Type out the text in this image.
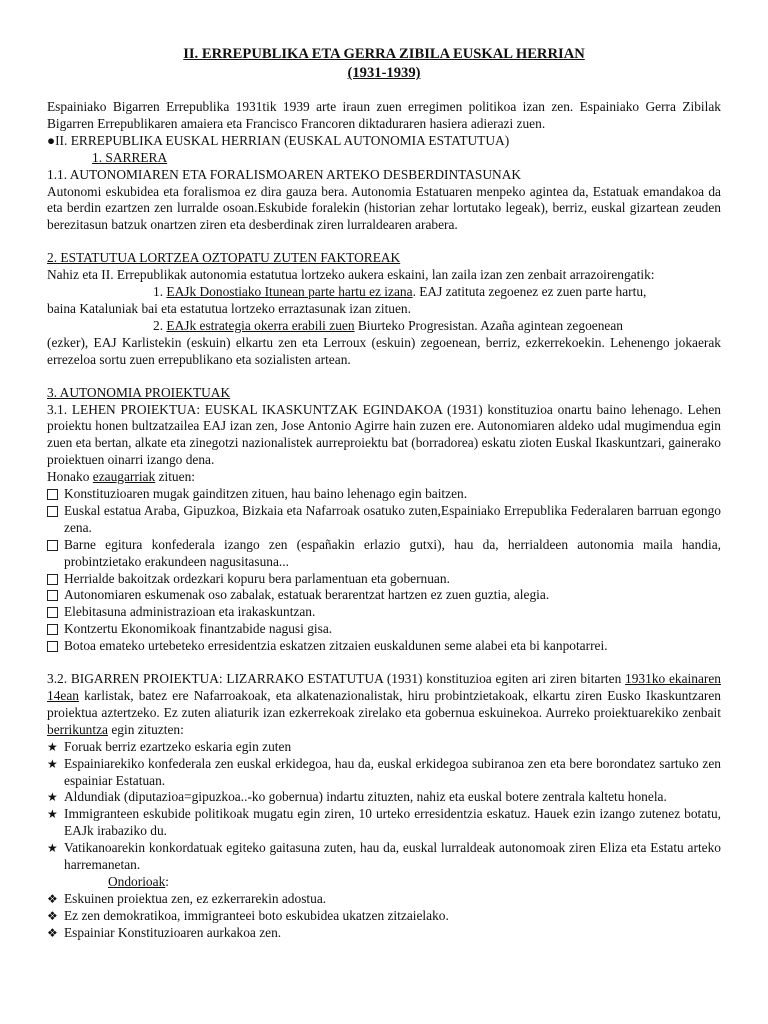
II. ERREPUBLIKA ETA GERRA ZIBILA EUSKAL HERRIAN
(1931-1939)
Espainiako Bigarren Errepublika 1931tik 1939 arte iraun zuen erregimen politikoa izan zen. Espainiako Gerra Zibilak Bigarren Errepublikaren amaiera eta Francisco Francoren diktaduraren hasiera adierazi zuen.
●II. ERREPUBLIKA EUSKAL HERRIAN (EUSKAL AUTONOMIA ESTATUTUA)
1. SARRERA
1.1. AUTONOMIAREN ETA FORALISMOAREN ARTEKO DESBERDINTASUNAK
Autonomi eskubidea eta foralismoa ez dira gauza bera. Autonomia Estatuaren menpeko agintea da, Estatuak emandakoa da eta berdin ezartzen zen lurralde osoan.Eskubide foralekin (historian zehar lortutako legeak), berriz, euskal gizartean zeuden berezitasun batzuk onartzen ziren eta desberdinak ziren lurraldearen arabera.
2. ESTATUTUA LORTZEA OZTOPATU ZUTEN FAKTOREAK
Nahiz eta II. Errepublikak autonomia estatutua lortzeko aukera eskaini, lan zaila izan zen zenbait arrazoirengatik:
1. EAJk Donostiako Itunean parte hartu ez izana. EAJ zatituta zegoenez ez zuen parte hartu,
baina Kataluniak bai eta estatutua lortzeko erraztasunak izan zituen.
2. EAJk estrategia okerra erabili zuen Biurteko Progresistan. Azaña agintean zegoenean
(ezker), EAJ Karlistekin (eskuin) elkartu zen eta Lerroux (eskuin) zegoenean, berriz, ezkerrekoekin. Lehenengo jokaerak errezeloa sortu zuen errepublikano eta sozialisten artean.
3. AUTONOMIA PROIEKTUAK
3.1. LEHEN PROIEKTUA: EUSKAL IKASKUNTZAK EGINDAKOA (1931) konstituzioa onartu baino lehenago. Lehen proiektu honen bultzatzailea EAJ izan zen, Jose Antonio Agirre hain zuzen ere. Autonomiaren aldeko udal mugimendua egin zuen eta bertan, alkate eta zinegotzi nazionalistek aurreproiektu bat (borradorea) eskatu zioten Euskal Ikaskuntzari, gainerako proiektuen oinarri izango dena.
Honako ezaugarriak zituen:
Konstituzioaren mugak gainditzen zituen, hau baino lehenago egin baitzen.
Euskal estatua Araba, Gipuzkoa, Bizkaia eta Nafarroak osatuko zuten,Espainiako Errepublika Federalaren barruan egongo zena.
Barne egitura konfederala izango zen (españakin erlazio gutxi), hau da, herrialdeen autonomia maila handia, probintzietako erakundeen nagusitasuna...
Herrialde bakoitzak ordezkari kopuru bera parlamentuan eta gobernuan.
Autonomiaren eskumenak oso zabalak, estatuak berarentzat hartzen ez zuen guztia, alegia.
Elebitasuna administrazioan eta irakaskuntzan.
Kontzertu Ekonomikoak finantzabide nagusi gisa.
Botoa emateko urtebeteko erresidentzia eskatzen zitzaien euskaldunen seme alabei eta bi kanpotarrei.
3.2. BIGARREN PROIEKTUA: LIZARRAKO ESTATUTUA (1931) konstituzioa egiten ari ziren bitarten 1931ko ekainaren 14ean karlistak, batez ere Nafarroakoak, eta alkatenazionalistak, hiru probintzietakoak, elkartu ziren Eusko Ikaskuntzaren proiektua aztertzeko. Ez zuten aliaturik izan ezkerrekoak zirelako eta gobernua eskuinekoa. Aurreko proiektuarekiko zenbait berrikuntza egin zituzten:
★ Foruak berriz ezartzeko eskaria egin zuten
★ Espainiarekiko konfederala zen euskal erkidegoa, hau da, euskal erkidegoa subiranoa zen eta bere borondatez sartuko zen espainiar Estatuan.
★ Aldundiak (diputazioa=gipuzkoa..-ko gobernua) indartu zituzten, nahiz eta euskal botere zentrala kaltetu honela.
★ Immigranteen eskubide politikoak mugatu egin ziren, 10 urteko erresidentzia eskatuz. Hauek ezin izango zutenez botatu, EAJk irabaziko du.
★ Vatikanoarekin konkordatuak egiteko gaitasuna zuten, hau da, euskal lurraldeak autonomoak ziren Eliza eta Estatu arteko harremanetan.
Ondorioak:
❖ Eskuinen proiektua zen, ez ezkerrarekin adostua.
❖ Ez zen demokratikoa, immigranteei boto eskubidea ukatzen zitzaielako.
❖ Espainiar Konstituzioaren aurkakoa zen.
